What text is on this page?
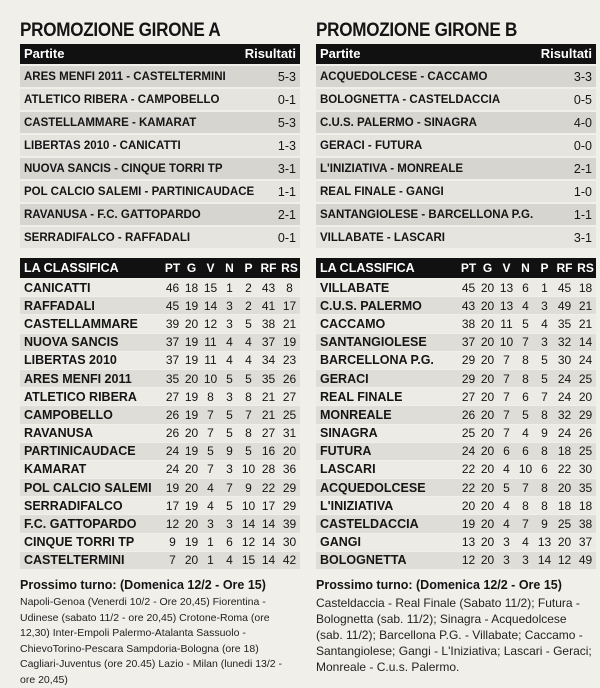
PROMOZIONE GIRONE A
Partite	Risultati
ARES MENFI 2011 - CASTELTERMINI	5-3
ATLETICO RIBERA - CAMPOBELLO	0-1
CASTELLAMMARE - KAMARAT	5-3
LIBERTAS 2010 - CANICATTI	1-3
NUOVA SANCIS - CINQUE TORRI TP	3-1
POL CALCIO SALEMI - PARTINICAUDACE 1-1
RAVANUSA - F.C. GATTOPARDO	2-1
SERRADIFALCO - RAFFADALI	0-1
LA CLASSIFICA	PT G V N P RF RS
CANICATTI	46 18 15 1	2 43 8
RAFFADALI	45 19 14 3	2 41 17
CASTELLAMMARE	39 20 12 3	5 38 21
NUOVA SANCIS	37 19 11 4	4 37 19
LIBERTAS 2010	37 19 11 4	4 34 23
ARES MENFI 2011	35 20 10 5	5 35 26
ATLETICO RIBERA	27 19 8	3	8 21 27
CAMPOBELLO	26 19 7	5	7 21 25
RAVANUSA	26 20 7	5	8 27 31
PARTINICAUDACE	24 19 5	9	5 16 20
KAMARAT	24 20 7	3 10 28 36
POL CALCIO SALEMI	19 20 4	7	9 22 29
SERRADIFALCO	17 19 4	5 10 17 29
F.C. GATTOPARDO	12 20 3	3 14 14 39
CINQUE TORRI TP	9 19 1	6 12 14 30
CASTELTERMINI	7 20 1	4 15 14 42
Prossimo turno: (Domenica 12/2 - Ore 15)
Napoli-Genoa (Venerdi 10/2 - Ore 20,45) Fiorentina - Udinese (sabato 11/2 - ore 20,45) Crotone-Roma (ore 12,30) Inter-Empoli Palermo-Atalanta Sassuolo - ChievoTorino-Pescara Sampdoria-Bologna (ore 18) Cagliari-Juventus (ore 20.45) Lazio - Milan (lunedi 13/2 - ore 20,45)
PROMOZIONE GIRONE B
Partite	Risultati
ACQUEDOLCESE - CACCAMO	3-3
BOLOGNETTA - CASTELDACCIA	0-5
C.U.S. PALERMO - SINAGRA	4-0
GERACI - FUTURA	0-0
L'INIZIATIVA - MONREALE	2-1
REAL FINALE - GANGI	1-0
SANTANGIOLESE - BARCELLONA P.G.	1-1
VILLABATE - LASCARI	3-1
LA CLASSIFICA	PT G V N P RF RS
VILLABATE	45 20 13 6	1 45 18
C.U.S. PALERMO	43 20 13 4	3 49 21
CACCAMO	38 20 11 5	4 35 21
SANTANGIOLESE	37 20 10 7	3 32 14
BARCELLONA P.G.	29 20 7	8	5 30 24
GERACI	29 20 7	8	5 24 25
REAL FINALE	27 20 7	6	7 24 20
MONREALE	26 20 7	5	8 32 29
SINAGRA	25 20 7	4	9 24 26
FUTURA	24 20 6	6	8 18 25
LASCARI	22 20 4 10 6 22 30
ACQUEDOLCESE	22 20 5	7	8 20 35
L'INIZIATIVA	20 20 4	8	8 18 18
CASTELDACCIA	19 20 4	7	9 25 38
GANGI	13 20 3	4 13 20 37
BOLOGNETTA	12 20 3	3 14 12 49
Prossimo turno: (Domenica 12/2 - Ore 15)
Casteldaccia - Real Finale (Sabato 11/2); Futura - Bolognetta (sab. 11/2); Sinagra - Acquedolcese (sab. 11/2); Barcellona P.G. - Villabate; Caccamo - Santangiolese; Gangi - L'Iniziativa; Lascari - Geraci; Monreale - C.u.s. Palermo.
